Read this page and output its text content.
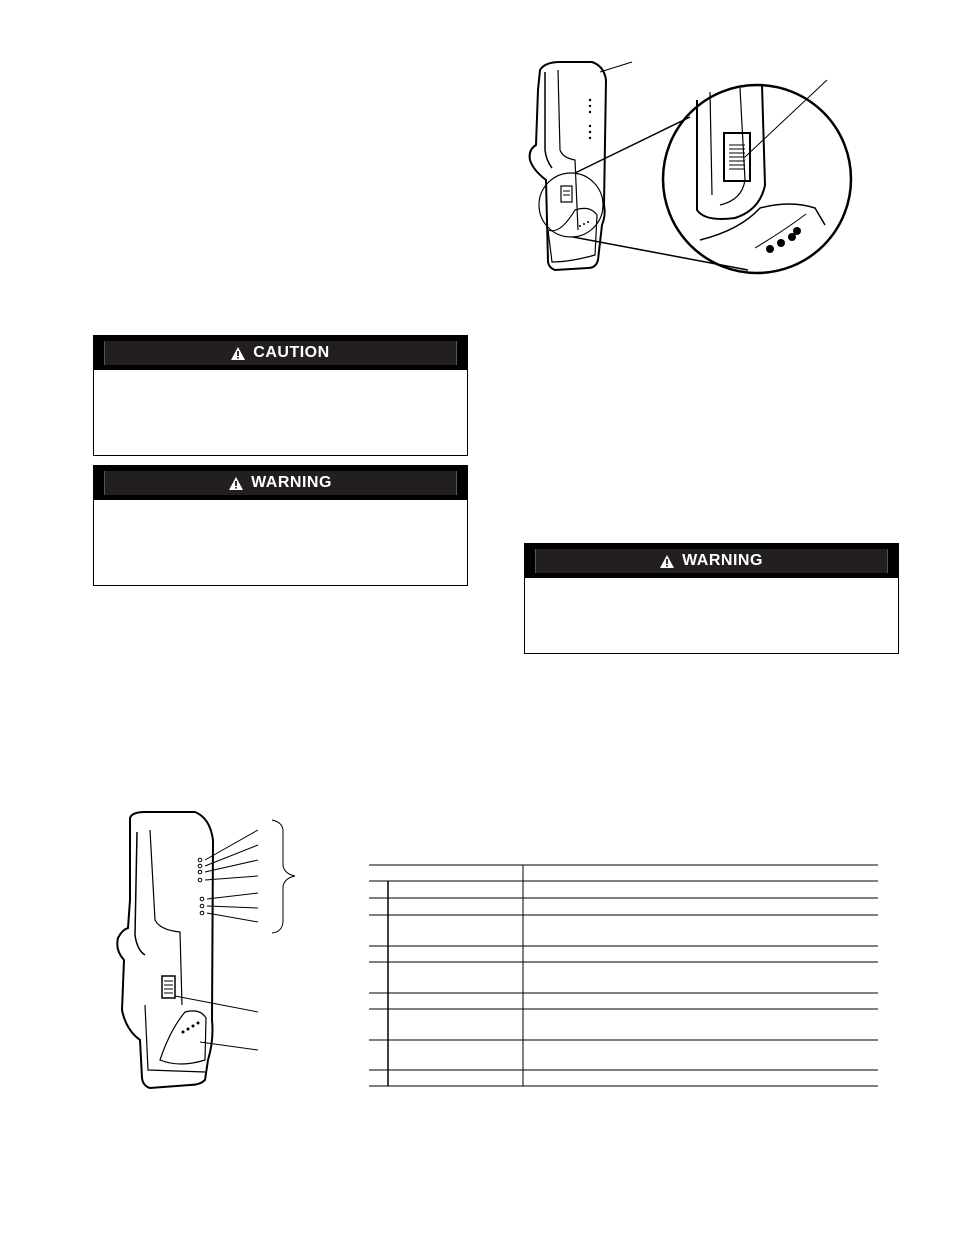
CAUTION
WARNING
WARNING
